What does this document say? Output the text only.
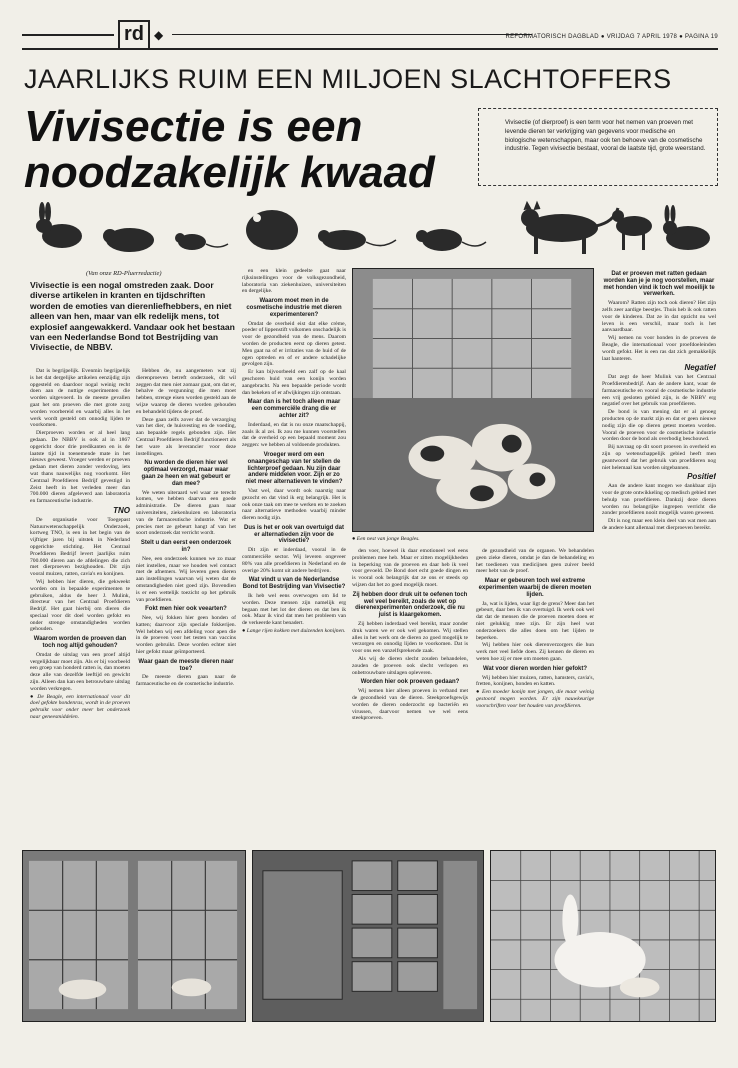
rd ◆	REFORMATORISCH DAGBLAD ● VRIJDAG 7 APRIL 1978 ● PAGINA 19
JAARLIJKS RUIM EEN MILJOEN SLACHTOFFERS
Vivisectie is een noodzakelijk kwaad
Vivisectie (of dierproef) is een term voor het nemen van proeven met levende dieren ter verkrijging van gegevens voor medische en biologische wetenschappen, maar ook ten behoeve van de cosmetische industrie. Tegen vivisectie bestaat, vooral de laatste tijd, grote weerstand.
(Van onze RD-Pluerredactie)
Vivisectie is een nogal omstreden zaak. Door diverse artikelen in kranten en tijdschriften worden de emoties van dierenliefhebbers, en niet alleen van hen, maar van elk redelijk mens, tot explosief aangewakkerd. Vandaar ook het bestaan van een Nederlandse Bond tot Bestrijding van Vivisectie, de NBBV.

Dat is begrijpelijk. Evenmin begrijpelijk is het dat dergelijke artikelen eenzijdig zijn opgesteld en daardoor nogal weinig recht doen aan de nuttige experimenten die worden uitgevoerd. In de meeste gevallen gaat het om proeven die met grote zorg worden voorbereid en waarbij alles in het werk wordt gesteld om onnodig lijden te voorkomen.

Dierproeven worden er al heel lang gedaan. De NBBV is ook al in 1867 opgericht door drie predikanten en is de laatste tijd in toenemende mate in het nieuws geweest. Vroeger werden er proeven gedaan met dieren zonder verdoving, iets wat thans nauwelijks nog voorkomt. Het Centraal Proefdieren Bedrijf gevestigd in Zeist heeft in het verleden meer dan 700.000 dieren afgeleverd aan laboratoria en farmaceutische industrie.

TNO

De organisatie voor Toegepast Natuurwetenschappelijk Onderzoek, kortweg TNO, is een in het begin van de vijftiger jaren bij uitstek in Nederland opgerichte stichting. Het Centraal Proefdieren Bedrijf levert jaarlijks ruim 700.000 dieren aan de afdelingen die zich met dierproeven bezighouden. Dit zijn vooral muizen, ratten, cavia's en konijnen.

Wij hebben hier dieren, die gekweekt worden om in bepaalde experimenten te gebruiken, aldus de heer J. Mulink, directeur van het Centraal Proefdieren Bedrijf. Het gaat hierbij om dieren die speciaal voor dit doel worden gefokt en onder strenge omstandigheden worden gehouden.

Waarom worden de proeven dan toch nog altijd gehouden?

Omdat de uitslag van een proef altijd vergelijkbaar moet zijn. Als er bij voorbeeld een groep van honderd ratten is, dan moeten deze alle van dezelfde leeftijd en gewicht zijn. Alleen dan kan een betrouwbare uitslag worden verkregen.

● De Beagle, een internationaal voor dit doel gefokte hondenras, wordt in de proeven gebruikt voor onder meer het onderzoek naar geneesmiddelen.

Hebben de, nu aangemeten wat zij dierenproeven betreft onderzoek, dit wil zeggen dat men niet zomaar gaat, om dat er, behalve de vergunning die men moet hebben, strenge eisen worden gesteld aan de wijze waarop de dieren worden gehouden en behandeld tijdens de proef.

Deze gaan zelfs zover dat de verzorging van het dier, de huisvesting en de voeding, aan bepaalde regels gebonden zijn. Het Centraal Proefdieren Bedrijf functioneert als het ware als leverancier voor deze instellingen.

Nu worden de dieren hier wel optimaal verzorgd, maar waar gaan ze heen en wat gebeurt er dan mee?

We weten uiteraard wel waar ze terecht komen, we hebben daarvan een goede administratie. De dieren gaan naar universiteiten, ziekenhuizen en laboratoria van de farmaceutische industrie. Wat er precies met ze gebeurt hangt af van het soort onderzoek dat verricht wordt.

Stelt u dan eerst een onderzoek in?

Nee, een onderzoek kunnen we zo maar niet instellen, maar we houden wel contact met de afnemers. Wij leveren geen dieren aan instellingen waarvan wij weten dat de omstandigheden niet goed zijn. Bovendien is er een wettelijk toezicht op het gebruik van proefdieren.

Fokt men hier ook veearten?

Nee, wij fokken hier geen honden of katten; daarvoor zijn speciale fokkerijen. Wel hebben wij een afdeling voor apen die in de proeven voor het testen van vaccins worden gebruikt. Deze worden echter niet hier gefokt maar geïmporteerd.

Waar gaan de meeste dieren naar toe?

De meeste dieren gaan naar de farmaceutische en de cosmetische industrie.

en een klein gedeelte gaat naar rijksinstellingen voor de volksgezondheid, laboratoria van ziekenhuizen, universiteiten en dergelijke.

Waarom moet men in de cosmetische industrie met dieren experimenteren?

Omdat de overheid eist dat elke crème, poeder of lippenstift volkomen onschadelijk is voor de gezondheid van de mens. Daarom worden de producten eerst op dieren getest. Men gaat na of er irritaties van de huid of de ogen optreden en of er andere schadelijke gevolgen zijn.

Er kan bijvoorbeeld een zalf op de kaal geschoren huid van een konijn worden aangebracht. Na een bepaalde periode wordt dan bekeken of er afwijkingen zijn ontstaan.

Maar dan is het toch alleen maar een commerciële drang die er achter zit?

Inderdaad, en dat is nu onze maatschappij, zoals ik al zei. Ik zou me kunnen voorstellen dat de overheid op een bepaald moment zou zeggen: we hebben al voldoende produkten.

Vroeger werd om een onaangeschap van ter stellen de lichterproef gedaan. Nu zijn daar andere middelen voor. Zijn er zo niet meer alternatieven te vinden?

Vast wel, daar wordt ook naarstig naar gezocht en dat vind ik erg belangrijk. Het is ook onze taak om mee te werken en te zoeken naar alternatieve methoden waarbij minder dieren nodig zijn.

Dus is het er ook van overtuigd dat er alternatieden zijn voor de vivisectie?

Dit zijn er inderdaad, vooral in de commerciële sector. Wij leveren ongeveer 80% van alle proefdieren in Nederland en de overige 20% komt uit andere bedrijven.

Wat vindt u van de Nederlandse Bond tot Bestrijding van Vivisectie?

Ik heb wel eens overwogen om lid te worden. Deze mensen zijn namelijk erg begaan met het lot der dieren en dat ben ik ook. Maar ik vind dat men het probleem van de verkeerde kant benadert.

● Lange rijen kokken met duizenden konijnen.

● Een nest van jonge Beagles.

den voer, hoewel ik daar emotioneel wel eens problemen mee heb. Maar er zitten mogelijkheden in beperking van de proeven en daar heb ik veel voor gevoeld. De Bond doet echt goede dingen en is vooral ook belangrijk dat ze ons er steeds op wijzen dat het zo goed mogelijk moet.

Zij hebben door druk uit te oefenen toch wel veel bereikt, zoals de wet op dierenexperimenten onderzoek, die nu juist is klaargekomen.

Zij hebben inderdaad veel bereikt, maar zonder druk waren we er ook wel gekomen. Wij stellen alles in het werk om de dieren zo goed mogelijk te verzorgen en onnodig lijden te voorkomen. Dat is voor ons een vanzelfsprekende zaak.

Als wij de dieren slecht zouden behandelen, zouden de proeven ook slecht verlopen en onbetrouwbare uitslagen opleveren.

Worden hier ook proeven gedaan?

Wij nemen hier alleen proeven in verband met de gezondheid van de dieren. Steekproefsgewijs worden de dieren onderzocht op bacteriën en virussen, daarvoor nemen we wel eens steekproeven.

de gezondheid van de organen. We behandelen geen zieke dieren, omdat je dan de behandeling en het toedienen van medicijnen geen zuiver beeld meer hebt van de proef.

Maar er gebeuren toch wel extreme experimenten waarbij de dieren moeten lijden.

Ja, wat is lijden, waar ligt de grens? Meer dan het gebeurt, daar ben ik van overtuigd. Ik werk ook wel dat dat de mensen die de proeven moeten doen er niet gelukkig mee zijn. Er zijn heel wat onderzoekers die alles doen om het lijden te beperken.

Wij hebben hier ook dierenverzorgers die hun werk met veel liefde doen. Zij kennen de dieren en weten hoe zij er mee om moeten gaan.

Wat voor dieren worden hier gefokt?

Wij hebben hier muizen, ratten, hamsters, cavia's, fretten, konijnen, honden en katten.

● Een moeder konijn met jongen, die maar weinig gestoord mogen worden. Er zijn nauwkeurige voorschriften voor het houden van proefdieren.

Dat er proeven met ratten gedaan worden kan je je nog voorstellen, maar met honden vind ik toch wel moeilijk te verwerken.

Waarom? Ratten zijn toch ook dieren? Het zijn zelfs zeer aardige beestjes. Thuis heb ik ook ratten voor de kinderen. Dat ze in dat opzicht nu wel leven is een verschil, maar toch is het aanvaardbaar.

Wij nemen nu voor honden in de proeven de Beagle, die internationaal voor proefdoeleinden wordt gefokt. Het is een ras dat zich gemakkelijk laat hanteren.

Negatief

Dat zegt de heer Mulink van het Centraal Proefdierenbedrijf. Aan de andere kant, waar de farmaceutische en vooral de cosmetische industrie een vrij gesloten gebied zijn, is de NBBV erg negatief over het gebruik van proefdieren.

De bond is van mening dat er al genoeg producten op de markt zijn en dat er geen nieuwe nodig zijn die op dieren getest moeten worden. Vooral de proeven voor de cosmetische industrie worden door de bond als overbodig beschouwd.

Bij navraag op dit soort proeven in overheid en zijn op wetenschappelijk gebied heeft men geantwoord dat het gebruik van proefdieren nog niet helemaal kan worden uitgebannen.

Positief

Aan de andere kant mogen we dankbaar zijn voor de grote ontwikkeling op medisch gebied met behulp van proefdieren. Dankzij deze dieren worden nu belangrijke ingrepen verricht die zonder proefdieren nooit mogelijk waren geweest.

Dit is nog maar een klein deel van wat men aan de andere kant allemaal met dierproeven bereikt.
